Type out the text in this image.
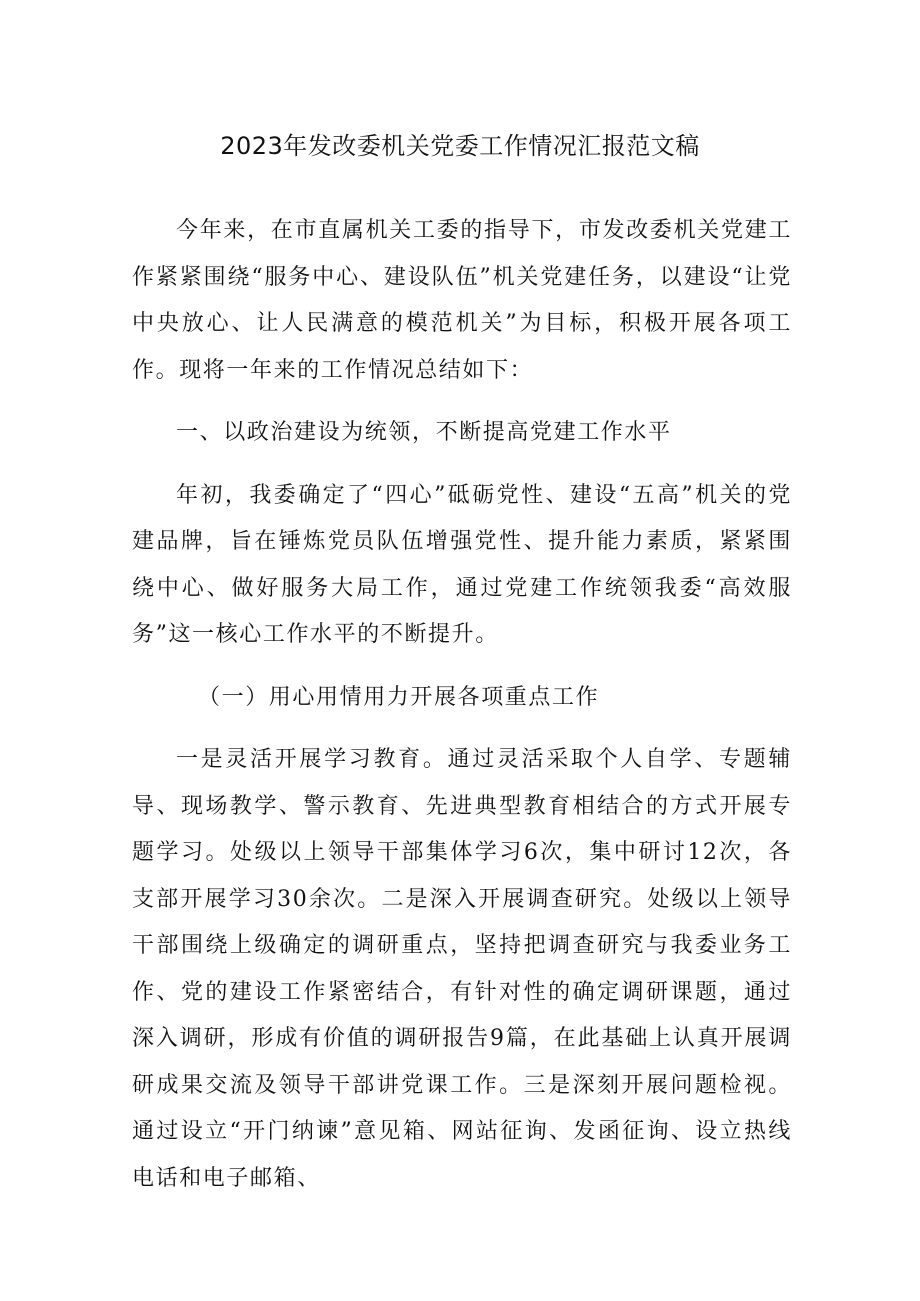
2023年发改委机关党委工作情况汇报范文稿

今年来，在市直属机关工委的指导下，市发改委机关党建工作紧紧围绕“服务中心、建设队伍”机关党建任务，以建设“让党中央放心、让人民满意的模范机关”为目标，积极开展各项工作。现将一年来的工作情况总结如下：

一、以政治建设为统领，不断提高党建工作水平

年初，我委确定了“四心”砥砺党性、建设“五高”机关的党建品牌，旨在锤炼党员队伍增强党性、提升能力素质，紧紧围绕中心、做好服务大局工作，通过党建工作统领我委“高效服务”这一核心工作水平的不断提升。

（一）用心用情用力开展各项重点工作

一是灵活开展学习教育。通过灵活采取个人自学、专题辅导、现场教学、警示教育、先进典型教育相结合的方式开展专题学习。处级以上领导干部集体学习6次，集中研讨12次，各支部开展学习30余次。二是深入开展调查研究。处级以上领导干部围绕上级确定的调研重点，坚持把调查研究与我委业务工作、党的建设工作紧密结合，有针对性的确定调研课题，通过深入调研，形成有价值的调研报告9篇，在此基础上认真开展调研成果交流及领导干部讲党课工作。三是深刻开展问题检视。通过设立“开门纳谏”意见箱、网站征询、发函征询、设立热线电话和电子邮箱、
